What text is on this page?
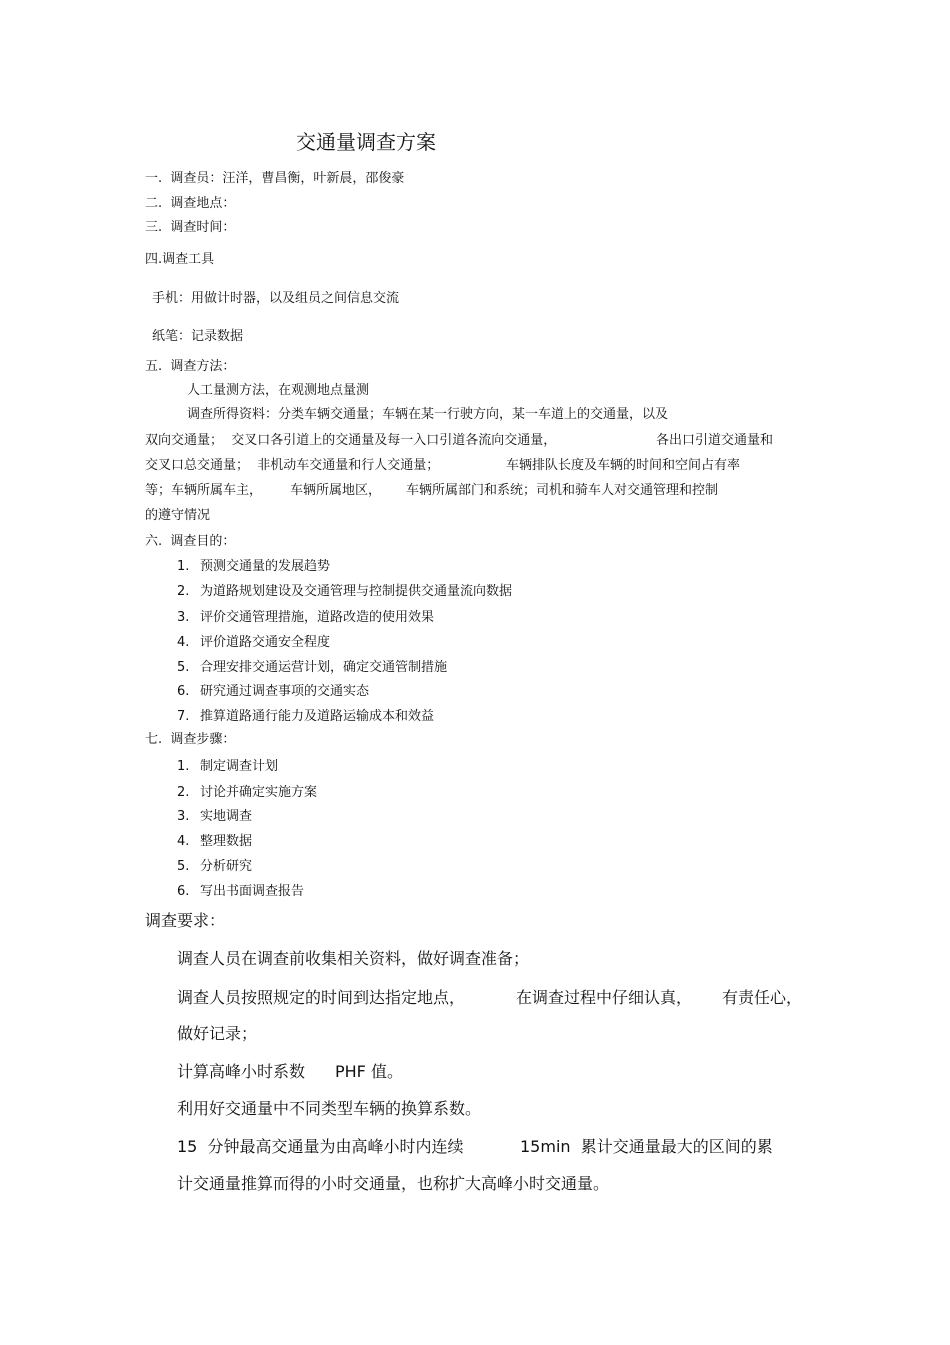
交通量调查方案
一.  调查员：汪洋，曹昌衡，叶新晨，邵俊豪
二.  调查地点：
三.  调查时间：
四.调查工具
手机：用做计时器，以及组员之间信息交流
纸笔：记录数据
五.  调查方法：
人工量测方法，在观测地点量测
调查所得资料：分类车辆交通量；车辆在某一行驶方向，某一车道上的交通量，以及
双向交通量；  交叉口各引道上的交通量及每一入口引道各流向交通量，	各出口引道交通量和
交叉口总交通量；  非机动车交通量和行人交通量；	车辆排队长度及车辆的时间和空间占有率
等；车辆所属车主， 车辆所属地区， 车辆所属部门和系统；司机和骑车人对交通管理和控制
的遵守情况
六.  调查目的：
1. 预测交通量的发展趋势
2. 为道路规划建设及交通管理与控制提供交通量流向数据
3. 评价交通管理措施，道路改造的使用效果
4. 评价道路交通安全程度
5. 合理安排交通运营计划，确定交通管制措施
6. 研究通过调查事项的交通实态
7. 推算道路通行能力及道路运输成本和效益
七.  调查步骤：
1. 制定调查计划
2. 讨论并确定实施方案
3. 实地调查
4. 整理数据
5. 分析研究
6. 写出书面调查报告
调查要求：
调查人员在调查前收集相关资料，做好调查准备；
调查人员按照规定的时间到达指定地点，	在调查过程中仔细认真， 有责任心，
做好记录；
计算高峰小时系数 PHF 值。
利用好交通量中不同类型车辆的换算系数。
15  分钟最高交通量为由高峰小时内连续	15min  累计交通量最大的区间的累
计交通量推算而得的小时交通量，也称扩大高峰小时交通量。
